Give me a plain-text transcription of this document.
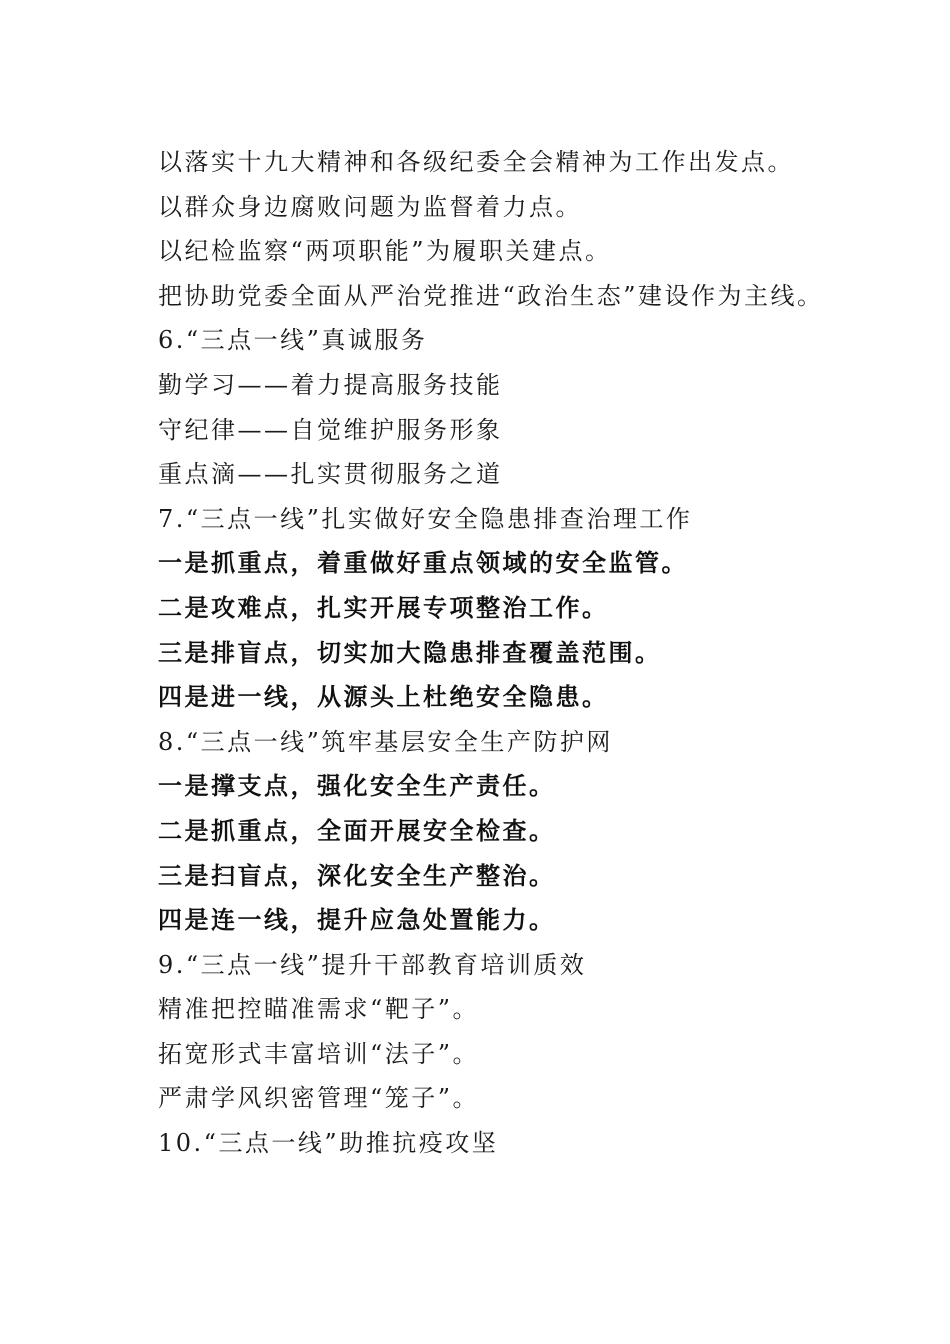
以落实十九大精神和各级纪委全会精神为工作出发点。
以群众身边腐败问题为监督着力点。
以纪检监察“两项职能”为履职关建点。
把协助党委全面从严治党推进“政治生态”建设作为主线。
6.“三点一线”真诚服务
勤学习——着力提高服务技能
守纪律——自觉维护服务形象
重点滴——扎实贯彻服务之道
7.“三点一线”扎实做好安全隐患排查治理工作
一是抓重点，着重做好重点领域的安全监管。
二是攻难点，扎实开展专项整治工作。
三是排盲点，切实加大隐患排查覆盖范围。
四是进一线，从源头上杜绝安全隐患。
8.“三点一线”筑牢基层安全生产防护网
一是撑支点，强化安全生产责任。
二是抓重点，全面开展安全检查。
三是扫盲点，深化安全生产整治。
四是连一线，提升应急处置能力。
9.“三点一线”提升干部教育培训质效
精准把控瞄准需求“靶子”。
拓宽形式丰富培训“法子”。
严肃学风织密管理“笼子”。
10.“三点一线”助推抗疫攻坚
